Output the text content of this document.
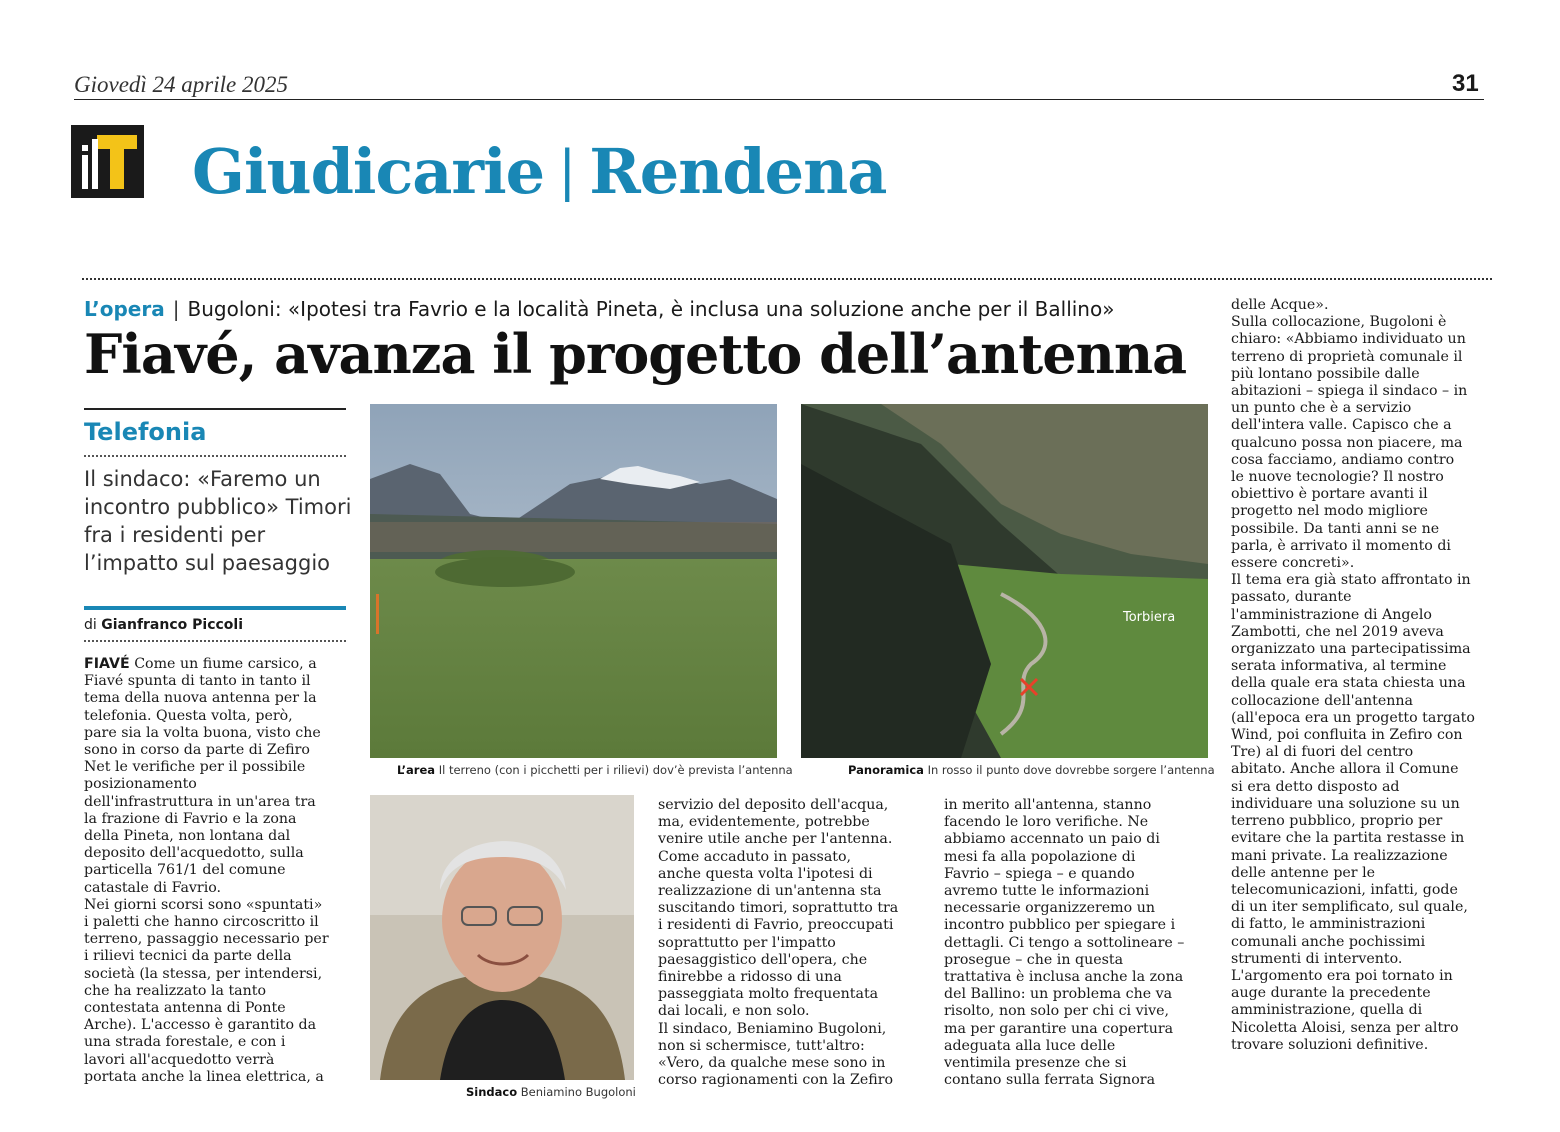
Giovedì 24 aprile 2025	31
Giudicarie | Rendena
L’opera | Bugoloni: «Ipotesi tra Favrio e la località Pineta, è inclusa una soluzione anche per il Ballino»
Fiavé, avanza il progetto dell’antenna
Telefonia
Il sindaco: «Faremo un incontro pubblico» Timori fra i residenti per l’impatto sul paesaggio
di Gianfranco Piccoli
FIAVÉ Come un fiume carsico, a
Fiavé spunta di tanto in tanto il
tema della nuova antenna per la
telefonia. Questa volta, però,
pare sia la volta buona, visto che
sono in corso da parte di Zefiro
Net le verifiche per il possibile
posizionamento
dell'infrastruttura in un'area tra
la frazione di Favrio e la zona
della Pineta, non lontana dal
deposito dell'acquedotto, sulla
particella 761/1 del comune
catastale di Favrio.
Nei giorni scorsi sono «spuntati»
i paletti che hanno circoscritto il
terreno, passaggio necessario per
i rilievi tecnici da parte della
società (la stessa, per intendersi,
che ha realizzato la tanto
contestata antenna di Ponte
Arche). L'accesso è garantito da
una strada forestale, e con i
lavori all'acquedotto verrà
portata anche la linea elettrica, a
L’area Il terreno (con i picchetti per i rilievi) dov’è prevista l’antenna
Torbiera
Panoramica In rosso il punto dove dovrebbe sorgere l’antenna
Sindaco Beniamino Bugoloni
servizio del deposito dell'acqua,
ma, evidentemente, potrebbe
venire utile anche per l'antenna.
Come accaduto in passato,
anche questa volta l'ipotesi di
realizzazione di un'antenna sta
suscitando timori, soprattutto tra
i residenti di Favrio, preoccupati
soprattutto per l'impatto
paesaggistico dell'opera, che
finirebbe a ridosso di una
passeggiata molto frequentata
dai locali, e non solo.
Il sindaco, Beniamino Bugoloni,
non si schermisce, tutt'altro:
«Vero, da qualche mese sono in
corso ragionamenti con la Zefiro
in merito all'antenna, stanno
facendo le loro verifiche. Ne
abbiamo accennato un paio di
mesi fa alla popolazione di
Favrio – spiega – e quando
avremo tutte le informazioni
necessarie organizzeremo un
incontro pubblico per spiegare i
dettagli. Ci tengo a sottolineare –
prosegue – che in questa
trattativa è inclusa anche la zona
del Ballino: un problema che va
risolto, non solo per chi ci vive,
ma per garantire una copertura
adeguata alla luce delle
ventimila presenze che si
contano sulla ferrata Signora
delle Acque».
Sulla collocazione, Bugoloni è
chiaro: «Abbiamo individuato un
terreno di proprietà comunale il
più lontano possibile dalle
abitazioni – spiega il sindaco – in
un punto che è a servizio
dell'intera valle. Capisco che a
qualcuno possa non piacere, ma
cosa facciamo, andiamo contro
le nuove tecnologie? Il nostro
obiettivo è portare avanti il
progetto nel modo migliore
possibile. Da tanti anni se ne
parla, è arrivato il momento di
essere concreti».
Il tema era già stato affrontato in
passato, durante
l'amministrazione di Angelo
Zambotti, che nel 2019 aveva
organizzato una partecipatissima
serata informativa, al termine
della quale era stata chiesta una
collocazione dell'antenna
(all'epoca era un progetto targato
Wind, poi confluita in Zefiro con
Tre) al di fuori del centro
abitato. Anche allora il Comune
si era detto disposto ad
individuare una soluzione su un
terreno pubblico, proprio per
evitare che la partita restasse in
mani private. La realizzazione
delle antenne per le
telecomunicazioni, infatti, gode
di un iter semplificato, sul quale,
di fatto, le amministrazioni
comunali anche pochissimi
strumenti di intervento.
L'argomento era poi tornato in
auge durante la precedente
amministrazione, quella di
Nicoletta Aloisi, senza per altro
trovare soluzioni definitive.
